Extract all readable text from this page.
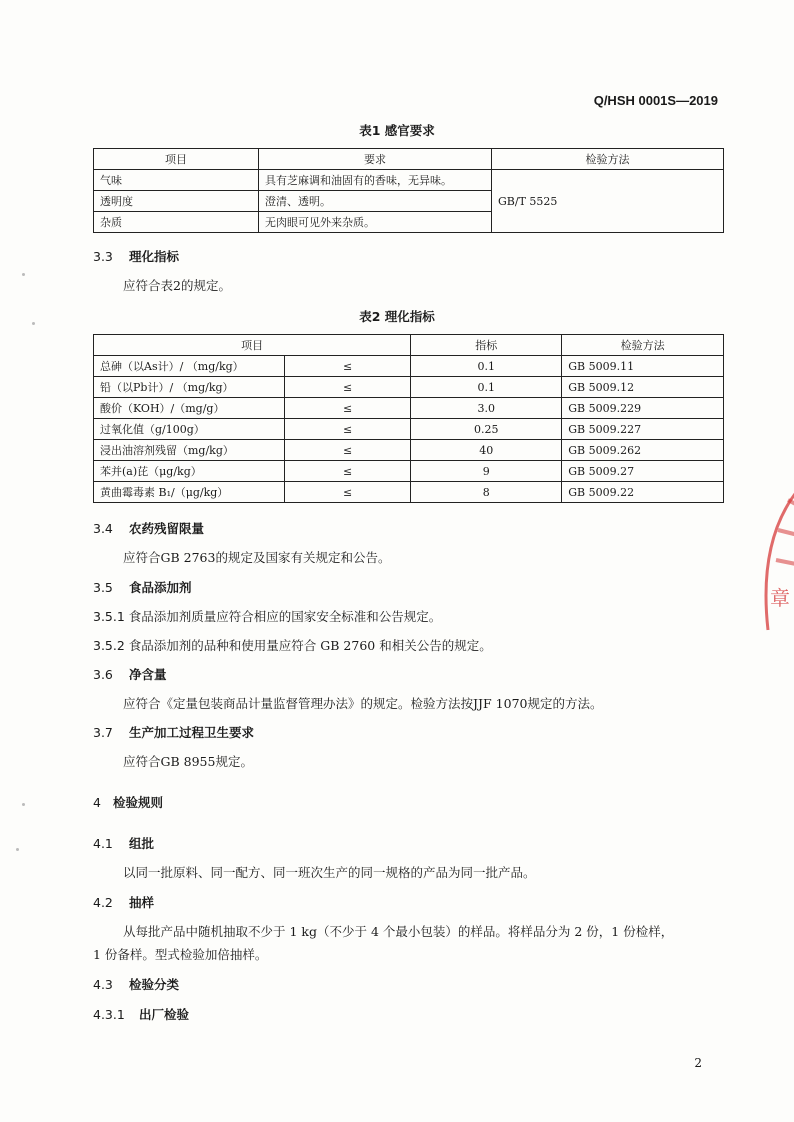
Q/HSH 0001S—2019
表1 感官要求
项目	要求	检验方法
气味	具有芝麻调和油固有的香味，无异味。	GB/T 5525
透明度	澄清、透明。	
杂质	无肉眼可见外来杂质。	
3.3 理化指标
应符合表2的规定。
表2 理化指标
项目		指标	检验方法
总砷（以As计）/ （mg/kg）	≤	0.1	GB 5009.11
铅（以Pb计）/ （mg/kg）	≤	0.1	GB 5009.12
酸价（KOH）/（mg/g）	≤	3.0	GB 5009.229
过氧化值（g/100g）	≤	0.25	GB 5009.227
浸出油溶剂残留（mg/kg）	≤	40	GB 5009.262
苯并(a)芘（μg/kg）	≤	9	GB 5009.27
黄曲霉毒素 B₁/（μg/kg）	≤	8	GB 5009.22
3.4 农药残留限量
应符合GB 2763的规定及国家有关规定和公告。
3.5 食品添加剂
3.5.1 食品添加剂质量应符合相应的国家安全标准和公告规定。
3.5.2 食品添加剂的品种和使用量应符合 GB 2760 和相关公告的规定。
3.6 净含量
应符合《定量包装商品计量监督管理办法》的规定。检验方法按JJF 1070规定的方法。
3.7 生产加工过程卫生要求
应符合GB 8955规定。
4 检验规则
4.1 组批
以同一批原料、同一配方、同一班次生产的同一规格的产品为同一批产品。
4.2 抽样
从每批产品中随机抽取不少于 1 kg（不少于 4 个最小包装）的样品。将样品分为 2 份，1 份检样，
1 份备样。型式检验加倍抽样。
4.3 检验分类
4.3.1 出厂检验
2
章
